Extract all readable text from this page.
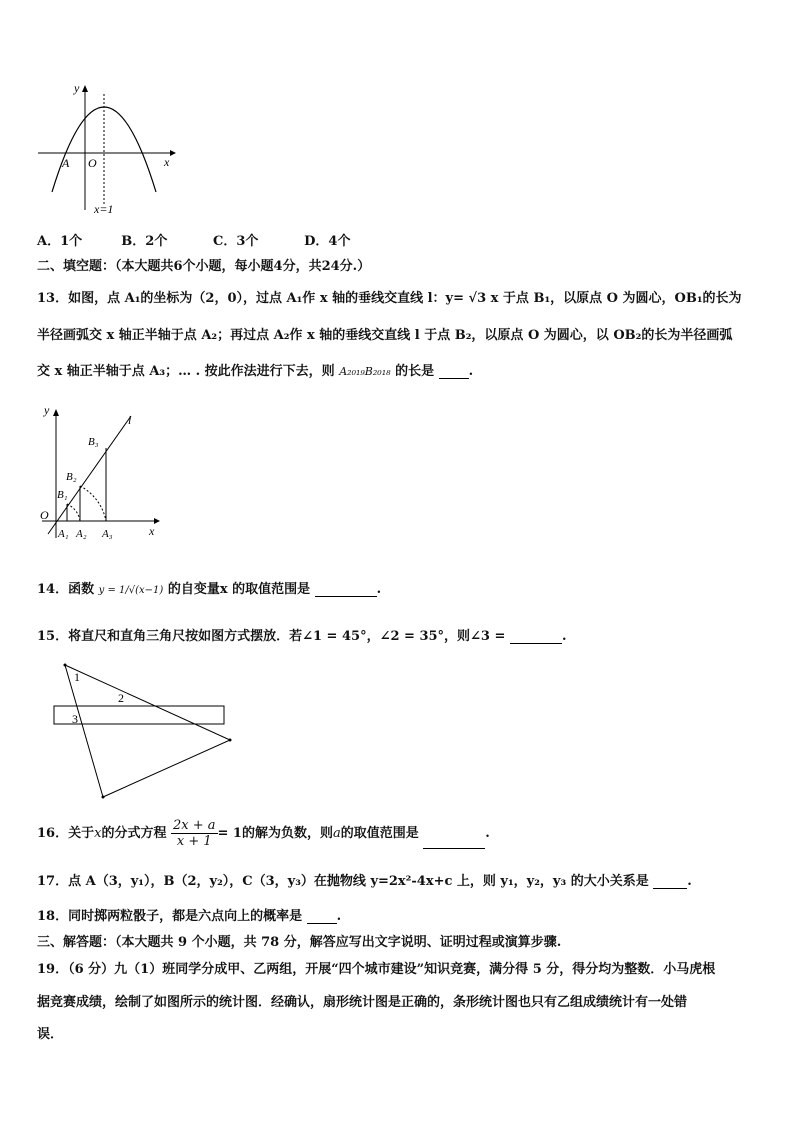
y
x
A O
x=1
A．1个	B．2个	C．3个	D．4个
二、填空题：（本大题共6个小题，每小题4分，共24分.）
13．如图，点 A₁的坐标为（2，0），过点 A₁作 x 轴的垂线交直线 l：y= √3 x 于点 B₁，以原点 O 为圆心，OB₁的长为
半径画弧交 x 轴正半轴于点 A₂；再过点 A₂作 x 轴的垂线交直线 l 于点 B₂，以原点 O 为圆心，以 OB₂的长为半径画弧
交 x 轴正半轴于点 A₃；… . 按此作法进行下去，则 A₂₀₁₉B₂₀₁₈ 的长是	.
y
x
l
O
B₁
B₂
B₃
A₁ A₂ A₃
14．函数 y = 1/√(x−1) 的自变量x 的取值范围是	.
15．将直尺和直角三角尺按如图方式摆放．若∠1 = 45°，∠2 = 35°，则∠3 =	.
1
2
3
16．关于x的分式方程 $\frac{2x + a}{x + 1} = 1$的解为负数，则a的取值范围是	.
17．点 A（3，y₁），B（2，y₂），C（3，y₃）在抛物线 y=2x²-4x+c 上，则 y₁，y₂，y₃ 的大小关系是	.
18．同时掷两粒骰子，都是六点向上的概率是	.
三、解答题：（本大题共 9 个小题，共 78 分，解答应写出文字说明、证明过程或演算步骤.
19．（6 分）九（1）班同学分成甲、乙两组，开展“四个城市建设”知识竞赛，满分得 5 分，得分均为整数．小马虎根
据竞赛成绩，绘制了如图所示的统计图．经确认，扇形统计图是正确的，条形统计图也只有乙组成绩统计有一处错
误．
